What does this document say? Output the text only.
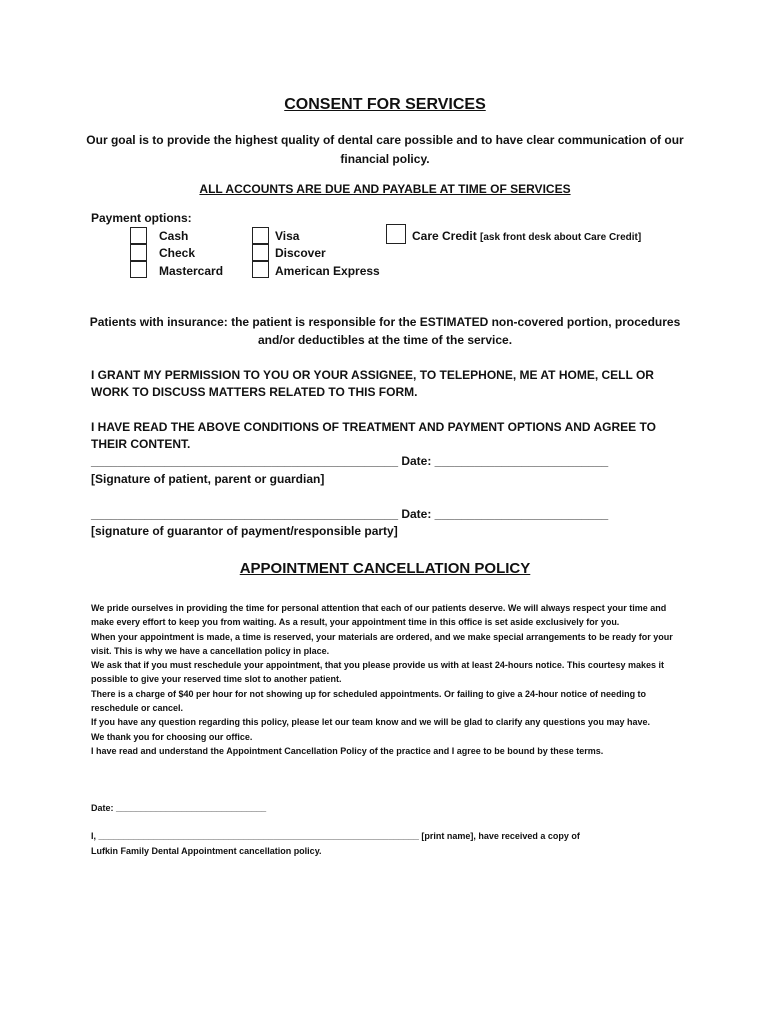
CONSENT FOR SERVICES
Our goal is to provide the highest quality of dental care possible and to have clear communication of our financial policy.
ALL ACCOUNTS ARE DUE AND PAYABLE AT TIME OF SERVICES
Payment options:
Cash
Check
Mastercard
Visa
Discover
American Express
Care Credit [ask front desk about Care Credit]
Patients with insurance: the patient is responsible for the ESTIMATED non-covered portion, procedures and/or deductibles at the time of the service.
I GRANT MY PERMISSION TO YOU OR YOUR ASSIGNEE, TO TELEPHONE, ME AT HOME, CELL OR WORK TO DISCUSS MATTERS RELATED TO THIS FORM.
I HAVE READ THE ABOVE CONDITIONS OF TREATMENT AND PAYMENT OPTIONS AND AGREE TO THEIR CONTENT.
______________________________________________ Date: __________________________
[Signature of patient, parent or guardian]
______________________________________________ Date: __________________________
[signature of guarantor of payment/responsible party]
APPOINTMENT CANCELLATION POLICY

We pride ourselves in providing the time for personal attention that each of our patients deserve. We will always respect your time and make every effort to keep you from waiting. As a result, your appointment time in this office is set aside exclusively for you.

When your appointment is made, a time is reserved, your materials are ordered, and we make special arrangements to be ready for your visit. This is why we have a cancellation policy in place.

We ask that if you must reschedule your appointment, that you please provide us with at least 24-hours notice. This courtesy makes it possible to give your reserved time slot to another patient.

There is a charge of $40 per hour for not showing up for scheduled appointments. Or failing to give a 24-hour notice of needing to reschedule or cancel.

If you have any question regarding this policy, please let our team know and we will be glad to clarify any questions you may have.

We thank you for choosing our office.

I have read and understand the Appointment Cancellation Policy of the practice and I agree to be bound by these terms.

Date: ______________________________
I, ________________________________________________________________ [print name], have received a copy of
Lufkin Family Dental Appointment cancellation policy.
